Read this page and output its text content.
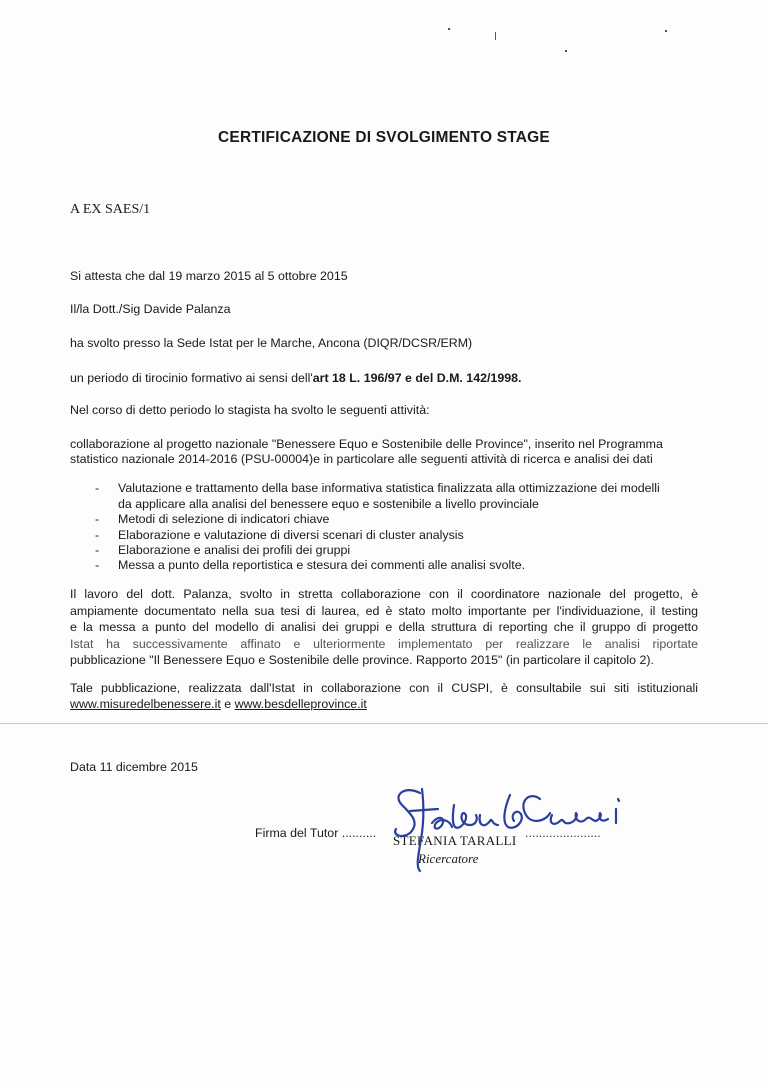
CERTIFICAZIONE DI SVOLGIMENTO STAGE
A EX SAES/1
Si attesta che dal 19 marzo 2015 al 5 ottobre 2015
Il/la Dott./Sig Davide Palanza
ha svolto presso la Sede Istat per le Marche, Ancona (DIQR/DCSR/ERM)
un periodo di tirocinio formativo ai sensi dell'art 18 L. 196/97 e del D.M. 142/1998.
Nel corso di detto periodo lo stagista ha svolto le seguenti attività:
collaborazione al progetto nazionale "Benessere Equo e Sostenibile delle Province", inserito nel Programma
statistico nazionale 2014-2016 (PSU-00004)e in particolare alle seguenti attività di ricerca e analisi dei dati
- Valutazione e trattamento della base informativa statistica finalizzata alla ottimizzazione dei modelli
da applicare alla analisi del benessere equo e sostenibile a livello provinciale
- Metodi di selezione di indicatori chiave
- Elaborazione e valutazione di diversi scenari di cluster analysis
- Elaborazione e analisi dei profili dei gruppi
- Messa a punto della reportistica e stesura dei commenti alle analisi svolte.
Il lavoro del dott. Palanza, svolto in stretta collaborazione con il coordinatore nazionale del progetto, è
ampiamente documentato nella sua tesi di laurea, ed è stato molto importante per l'individuazione, il testing
e la messa a punto del modello di analisi dei gruppi e della struttura di reporting che il gruppo di progetto
Istat ha successivamente affinato e ulteriormente implementato per realizzare le analisi riportate
pubblicazione "Il Benessere Equo e Sostenibile delle province. Rapporto 2015" (in particolare il capitolo 2).
Tale pubblicazione, realizzata dall'Istat in collaborazione con il CUSPI, è consultabile sui siti istituzionali
www.misuredelbenessere.it e www.besdelleprovince.it
Data 11 dicembre 2015
Firma del Tutor ..........	......................
STEFANIA TARALLI
Ricercatore
